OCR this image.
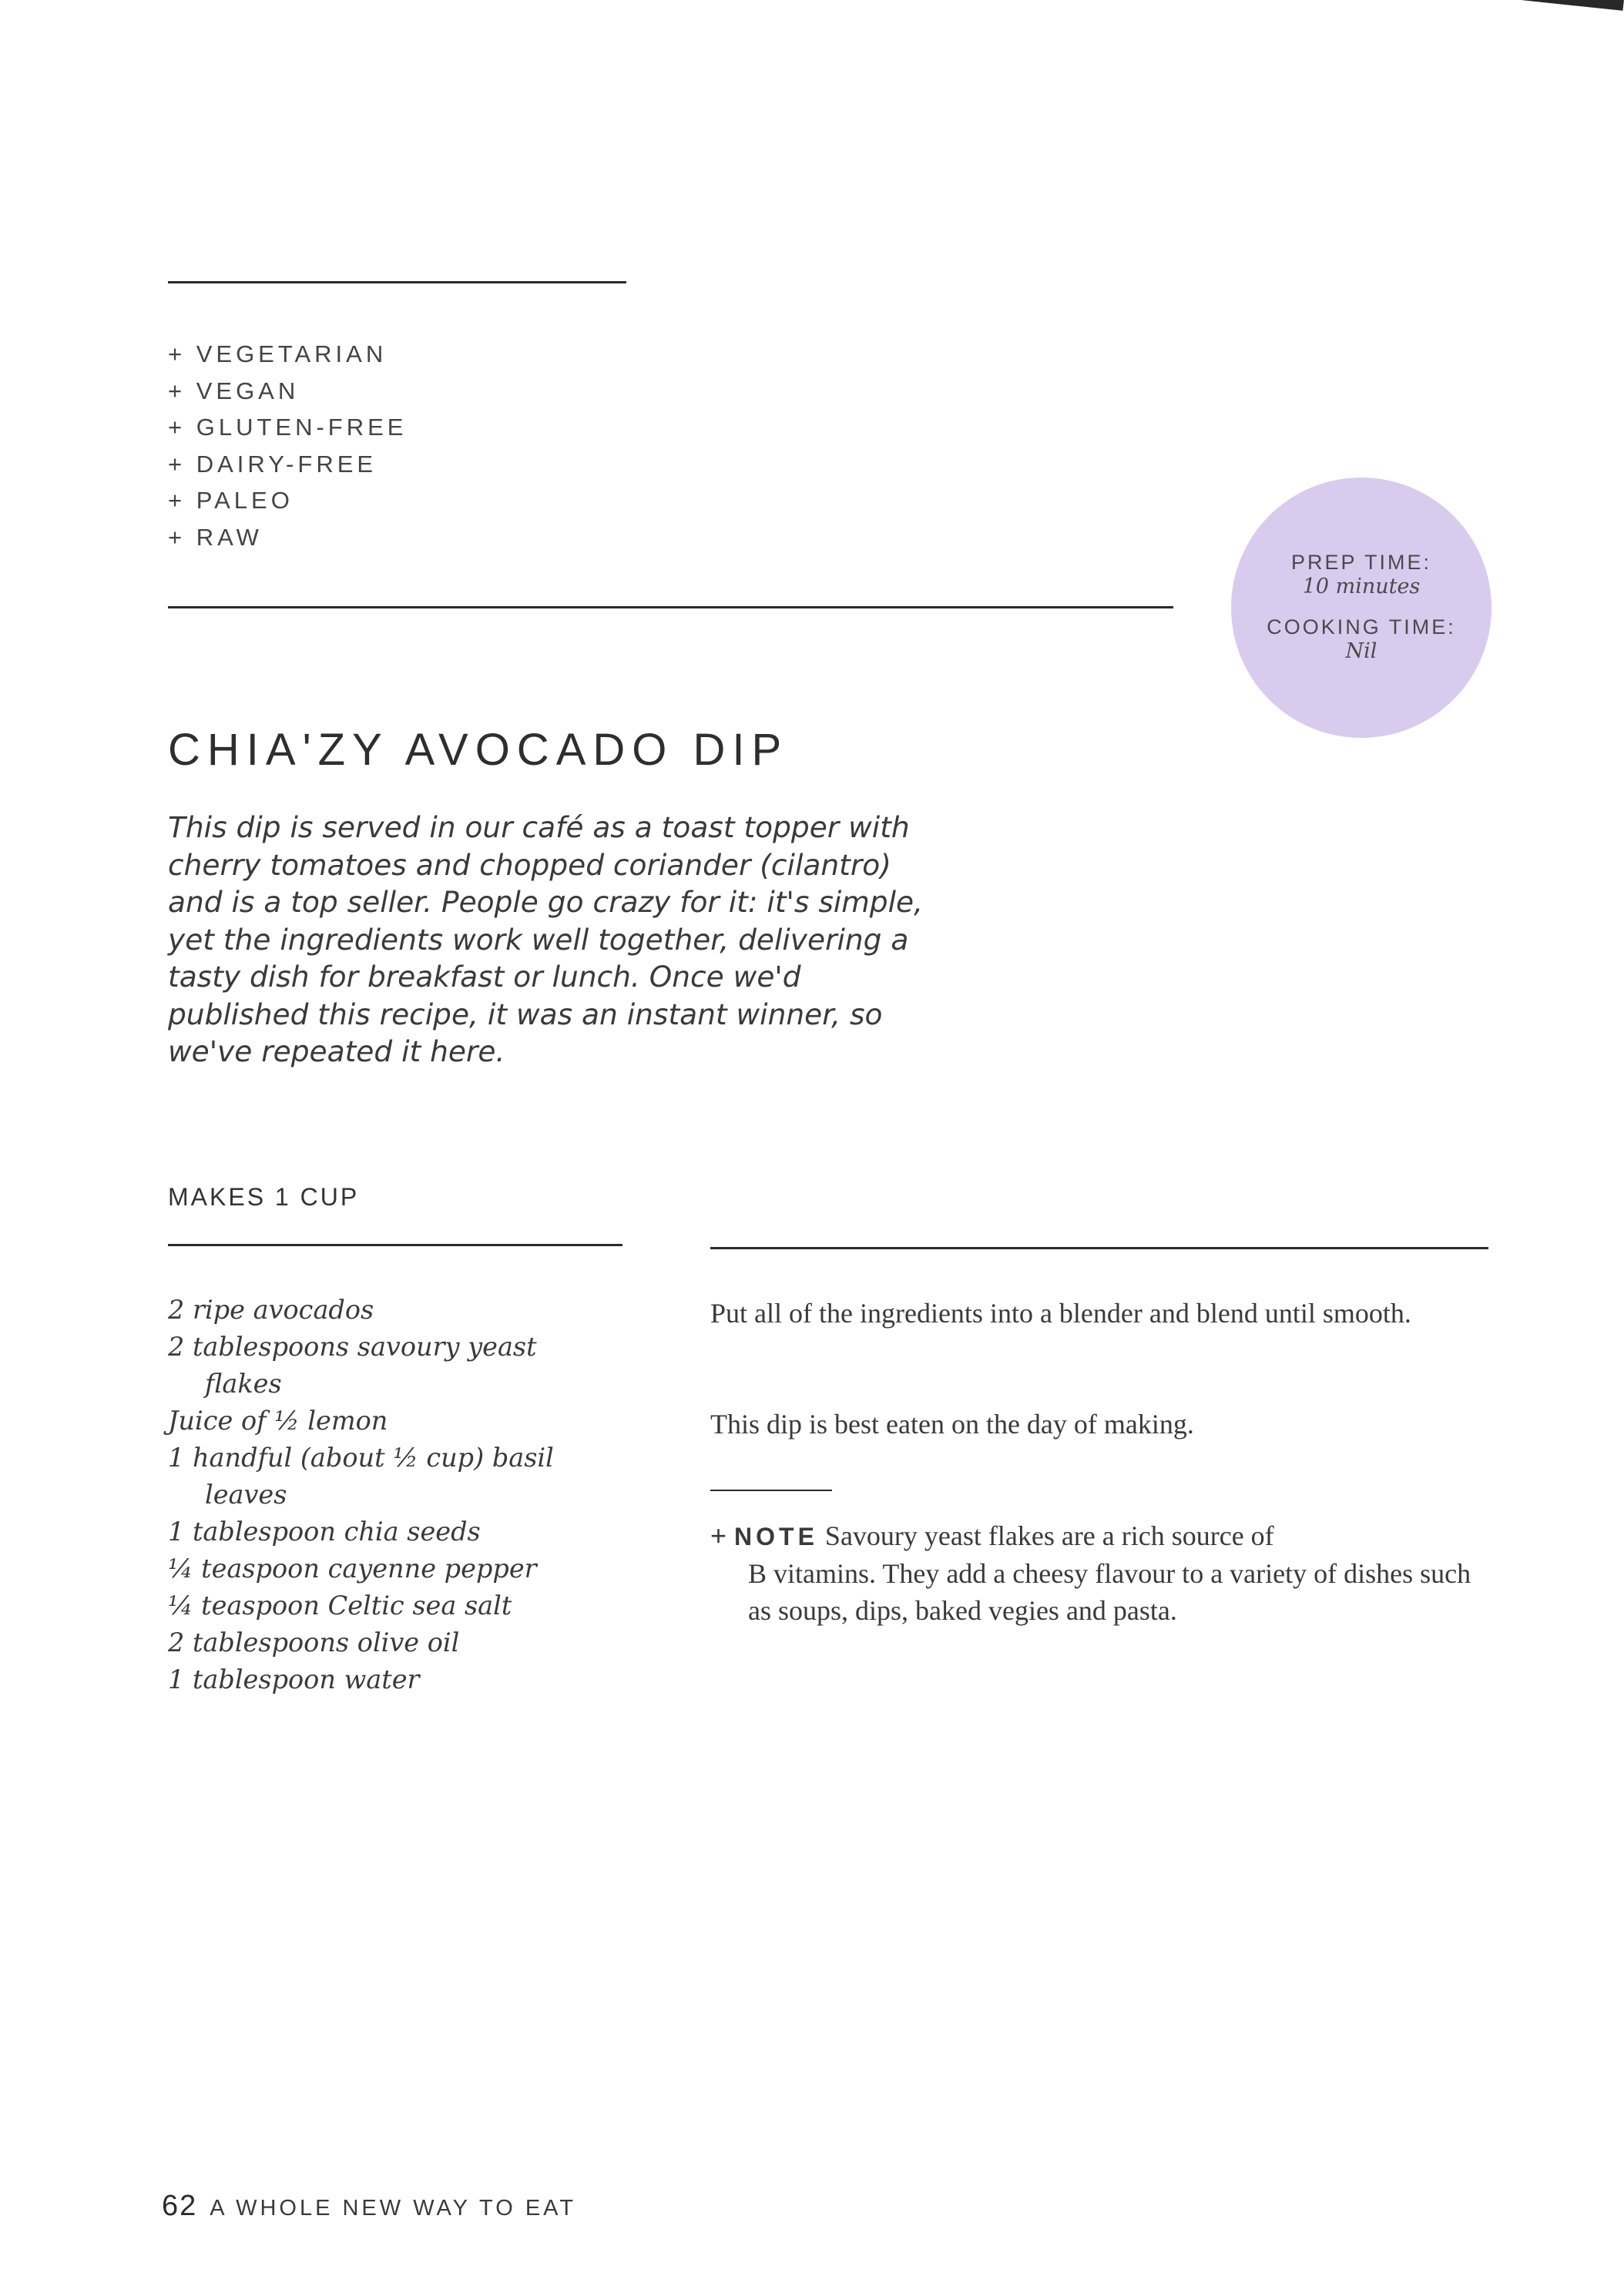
+ VEGETARIAN
+ VEGAN
+ GLUTEN-FREE
+ DAIRY-FREE
+ PALEO
+ RAW
PREP TIME:
10 minutes
COOKING TIME:
Nil
CHIA'ZY AVOCADO DIP

This dip is served in our café as a toast topper with cherry tomatoes and chopped coriander (cilantro) and is a top seller. People go crazy for it: it's simple, yet the ingredients work well together, delivering a tasty dish for breakfast or lunch. Once we'd published this recipe, it was an instant winner, so we've repeated it here.

MAKES 1 CUP
2 ripe avocados
2 tablespoons savoury yeast flakes
Juice of ½ lemon
1 handful (about ½ cup) basil leaves
1 tablespoon chia seeds
¼ teaspoon cayenne pepper
¼ teaspoon Celtic sea salt
2 tablespoons olive oil
1 tablespoon water

Put all of the ingredients into a blender and blend until smooth.

This dip is best eaten on the day of making.

+ NOTE Savoury yeast flakes are a rich source of
B vitamins. They add a cheesy flavour to a variety of dishes such as soups, dips, baked vegies and pasta.

62 A WHOLE NEW WAY TO EAT
